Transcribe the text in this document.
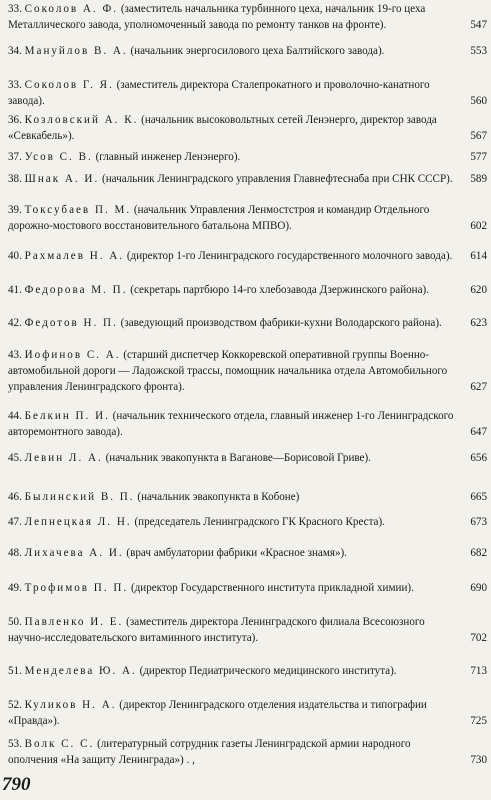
33. Соколов А. Ф. (заместитель начальника турбинного цеха, начальник 19-го цеха Металлического завода, уполномоченный завода по ремонту танков на фронте).	547
34. Мануйлов В. А. (начальник энергосилового цеха Балтийского завода).	553
33. Соколов Г. Я. (заместитель директора Сталепрокатного и проволочно-канатного завода).	560
36. Козловский А. К. (начальник высоковольтных сетей Ленэнерго, директор завода «Севкабель»).	567
37. Усов С. В. (главный инженер Ленэнерго).	577
38. Шнак А. И. (начальник Ленинградского управления Главнефтеснаба при СНК СССР).	589
39. Токсубаев П. М. (начальник Управления Ленмостстроя и командир Отдельного дорожно-мостового восстановительного батальона МПВО).	602
40. Рахмалев Н. А. (директор 1-го Ленинградского государственного молочного завода).	614
41. Федорова М. П. (секретарь партбюро 14-го хлебозавода Дзержинского района).	620
42. Федотов Н. П. (заведующий производством фабрики-кухни Володарского района).	623
43. Иофинов С. А. (старший диспетчер Коккоревской оперативной группы Военно-автомобильной дороги — Ладожской трассы, помощник начальника отдела Автомобильного управления Ленинградского фронта).	627
44. Белкин П. И. (начальник технического отдела, главный инженер 1-го Ленинградского авторемонтного завода).	647
45. Левин Л. А. (начальник эвакопункта в Ваганове—Борисовой Гриве).	656
46. Былинский В. П. (начальник эвакопункта в Кобоне)	665
47. Лепнецкая Л. Н. (председатель Ленинградского ГК Красного Креста).	673
48. Лихачева А. И. (врач амбулатории фабрики «Красное знамя»).	682
49. Трофимов П. П. (директор Государственного института прикладной химии).	690
50. Павленко И. Е. (заместитель директора Ленинградского филиала Всесоюзного научно-исследовательского витаминного института).	702
51. Менделева Ю. А. (директор Педиатрического медицинского института).	713
52. Куликов Н. А. (директор Ленинградского отделения издательства и типографии «Правда»).	725
53. Волк С. С. (литературный сотрудник газеты Ленинградской армии народного ополчения «На защиту Ленинграда») . ,	730
790
